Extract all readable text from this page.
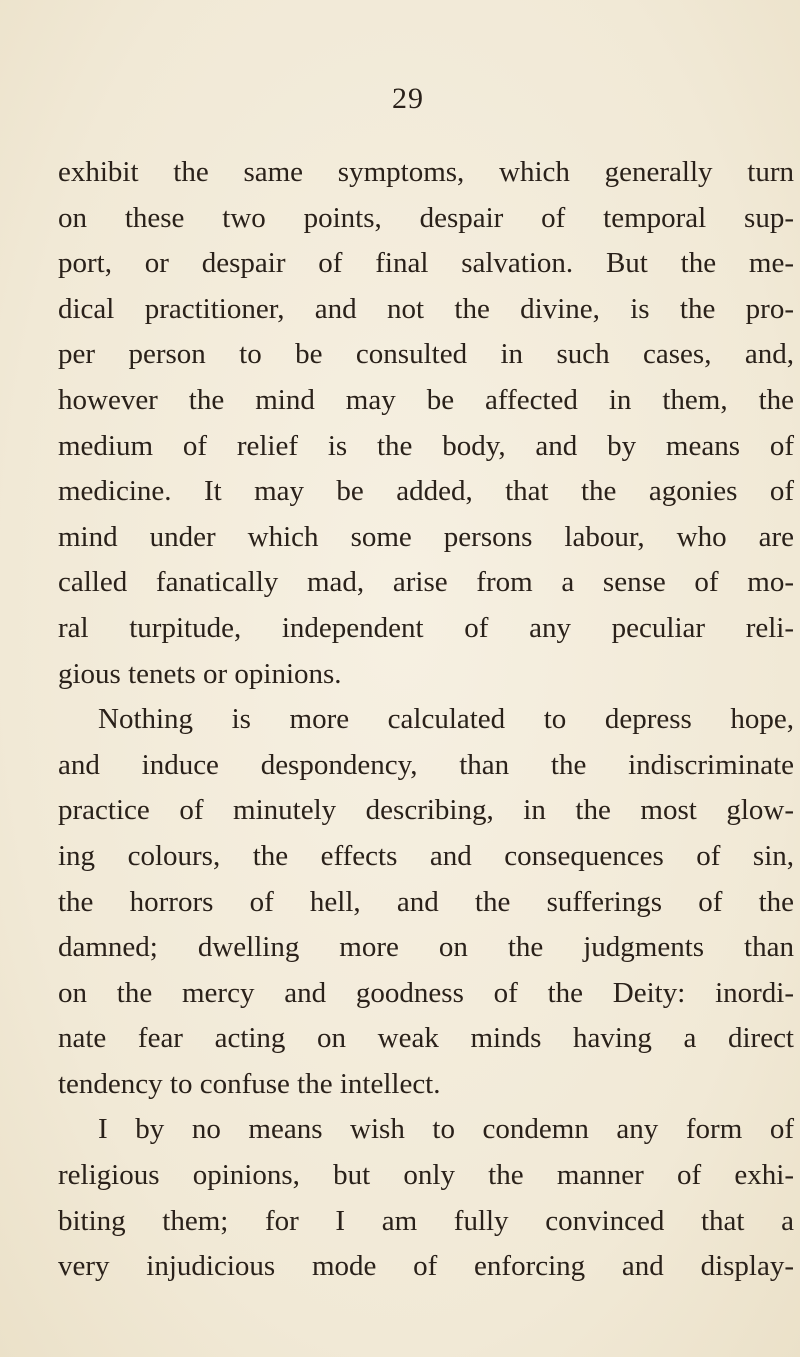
29
exhibit the same symptoms, which generally turn
on these two points, despair of temporal sup-
port, or despair of final salvation. But the me-
dical practitioner, and not the divine, is the pro-
per person to be consulted in such cases, and,
however the mind may be affected in them, the
medium of relief is the body, and by means of
medicine. It may be added, that the agonies of
mind under which some persons labour, who are
called fanatically mad, arise from a sense of mo-
ral turpitude, independent of any peculiar reli-
gious tenets or opinions.
Nothing is more calculated to depress hope,
and induce despondency, than the indiscriminate
practice of minutely describing, in the most glow-
ing colours, the effects and consequences of sin,
the horrors of hell, and the sufferings of the
damned; dwelling more on the judgments than
on the mercy and goodness of the Deity: inordi-
nate fear acting on weak minds having a direct
tendency to confuse the intellect.
I by no means wish to condemn any form of
religious opinions, but only the manner of exhi-
biting them; for I am fully convinced that a
very injudicious mode of enforcing and display-
